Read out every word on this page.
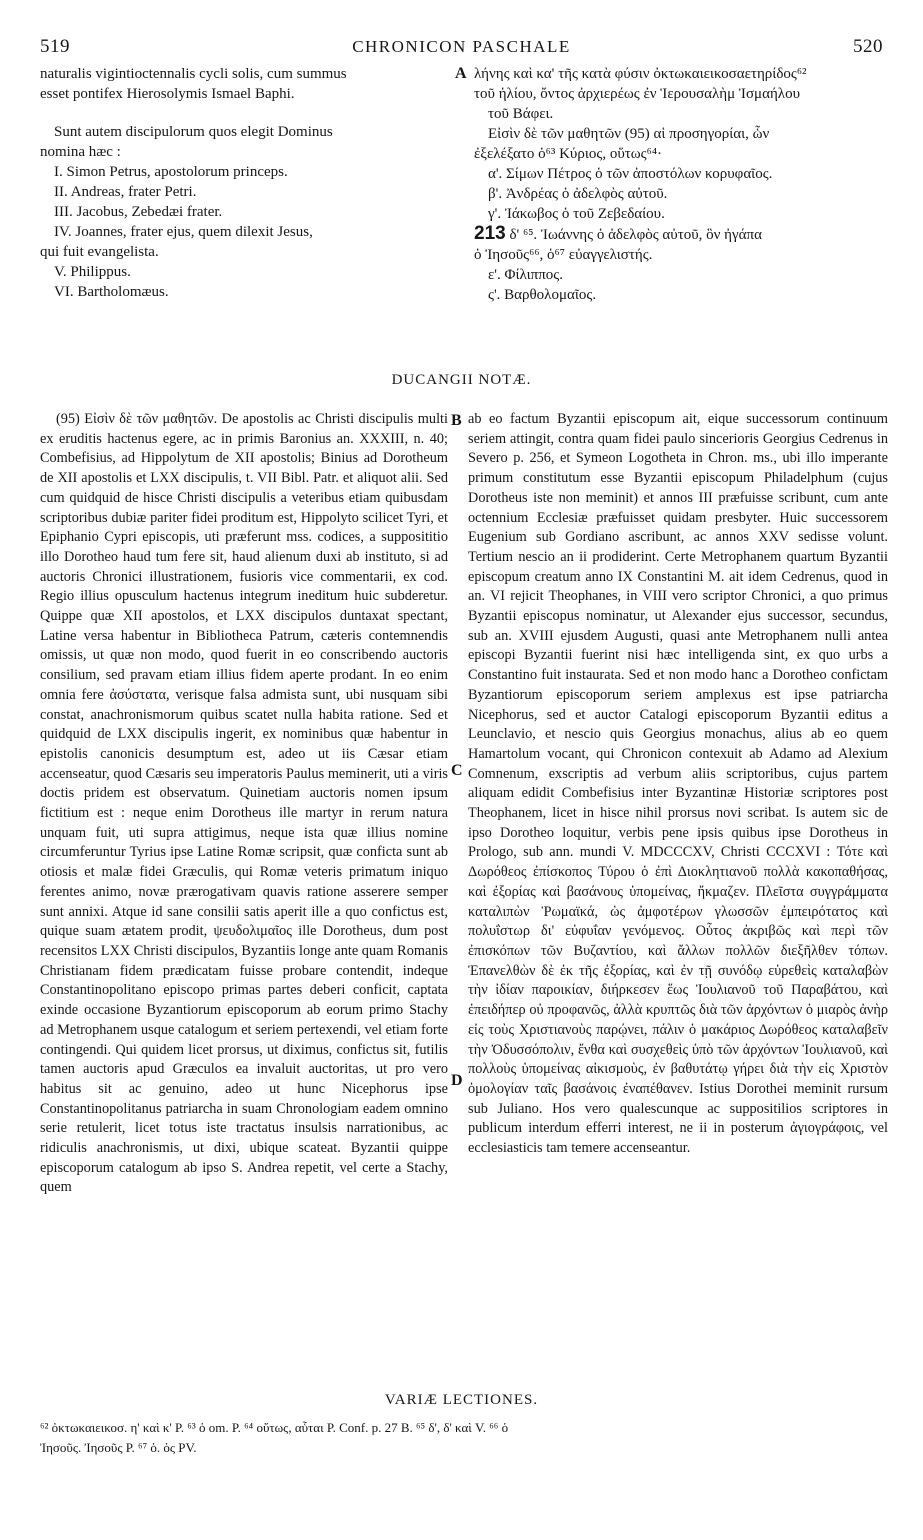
519	CHRONICON PASCHALE	520
naturalis vigintioctennalis cycli solis, cum summus
esset pontifex Hierosolymis Ismael Baphi.
Sunt autem discipulorum quos elegit Dominus
nomina hæc :
I. Simon Petrus, apostolorum princeps.
II. Andreas, frater Petri.
III. Jacobus, Zebedæi frater.
IV. Joannes, frater ejus, quem dilexit Jesus,
qui fuit evangelista.
V. Philippus.
VI. Bartholomæus.
A λήνης καὶ κα' τῆς κατὰ φύσιν ὀκτωκαιεικοσαετηρίδος⁶²
τοῦ ἡλίου, ὄντος ἀρχιερέως ἐν Ἱερουσαλὴμ Ἰσμαήλου
τοῦ Βάφει.
Εἰσὶν δὲ τῶν μαθητῶν (95) αἱ προσηγορίαι, ὧν
ἐξελέξατο ὁ⁶³ Κύριος, οὕτως⁶⁴·
α'. Σίμων Πέτρος ὁ τῶν ἀποστόλων κορυφαῖος.
β'. Ἀνδρέας ὁ ἀδελφὸς αὐτοῦ.
γ'. Ἰάκωβος ὁ τοῦ Ζεβεδαίου.
213 δ' ⁶⁵. Ἰωάννης ὁ ἀδελφὸς αὐτοῦ, ὃν ἠγάπα
ὁ Ἰησοῦς⁶⁶, ὁ⁶⁷ εὐαγγελιστής.
ε'. Φίλιππος.
ς'. Βαρθολομαῖος.
DUCANGII NOTÆ.

(95) Εἰσὶν δὲ τῶν μαθητῶν. De apostolis ac Christi discipulis multi ex eruditis hactenus egere, ac in primis Baronius an. XXXIII, n. 40; Combefisius, ad Hippolytum de XII apostolis; Binius ad Dorotheum de XII apostolis et LXX discipulis, t. VII Bibl. Patr. et aliquot alii. Sed cum quidquid de hisce Christi discipulis a veteribus etiam quibusdam scriptoribus dubiæ pariter fidei proditum est, Hippolyto scilicet Tyri, et Epiphanio Cypri episcopis, uti præferunt mss. codices, a supposititio illo Dorotheo haud tum fere sit, haud alienum duxi ab instituto, si ad auctoris Chronici illustrationem, fusioris vice commentarii, ex cod. Regio illius opusculum hactenus integrum ineditum huic subderetur. Quippe quæ XII apostolos, et LXX discipulos duntaxat spectant, Latine versa habentur in Bibliotheca Patrum, cæteris contemnendis omissis, ut quæ non modo, quod fuerit in eo conscribendo auctoris consilium, sed pravam etiam illius fidem aperte prodant. In eo enim omnia fere ἀσύστατα, verisque falsa admista sunt, ubi nusquam sibi constat, anachronismorum quibus scatet nulla habita ratione. Sed et quidquid de LXX discipulis ingerit, ex nominibus quæ habentur in epistolis canonicis desumptum est, adeo ut iis Cæsar etiam accenseatur, quod Cæsaris seu imperatoris Paulus meminerit, uti a viris doctis pridem est observatum. Quinetiam auctoris nomen ipsum fictitium est : neque enim Dorotheus ille martyr in rerum natura unquam fuit, uti supra attigimus, neque ista quæ illius nomine circumferuntur Tyrius ipse Latine Romæ scripsit, quæ conficta sunt ab otiosis et malæ fidei Græculis, qui Romæ veteris primatum iniquo ferentes animo, novæ prærogativam quavis ratione asserere semper sunt annixi. Atque id sane consilii satis aperit ille a quo confictus est, quique suam ætatem prodit, ψευδολιμαῖος ille Dorotheus, dum post recensitos LXX Christi discipulos, Byzantiis longe ante quam Romanis Christianam fidem prædicatam fuisse probare contendit, indeque Constantinopolitano episcopo primas partes deberi conficit, captata exinde occasione Byzantiorum episcoporum ab eorum primo Stachy ad Metrophanem usque catalogum et seriem pertexendi, vel etiam forte contingendi. Qui quidem licet prorsus, ut diximus, confictus sit, futilis tamen auctoris apud Græculos ea invaluit auctoritas, ut pro vero habitus sit ac genuino, adeo ut hunc Nicephorus ipse Constantinopolitanus patriarcha in suam Chronologiam eadem omnino serie retulerit, licet totus iste tractatus insulsis narrationibus, ac ridiculis anachronismis, ut dixi, ubique scateat. Byzantii quippe episcoporum catalogum ab ipso S. Andrea repetit, vel certe a Stachy, quem

B
C
D

ab eo factum Byzantii episcopum ait, eique successorum continuum seriem attingit, contra quam fidei paulo sincerioris Georgius Cedrenus in Severo p. 256, et Symeon Logotheta in Chron. ms., ubi illo imperante primum constitutum esse Byzantii episcopum Philadelphum (cujus Dorotheus iste non meminit) et annos III præfuisse scribunt, cum ante octennium Ecclesiæ præfuisset quidam presbyter. Huic successorem Eugenium sub Gordiano ascribunt, ac annos XXV sedisse volunt. Tertium nescio an ii prodiderint. Certe Metrophanem quartum Byzantii episcopum creatum anno IX Constantini M. ait idem Cedrenus, quod in an. VI rejicit Theophanes, in VIII vero scriptor Chronici, a quo primus Byzantii episcopus nominatur, ut Alexander ejus successor, secundus, sub an. XVIII ejusdem Augusti, quasi ante Metrophanem nulli antea episcopi Byzantii fuerint nisi hæc intelligenda sint, ex quo urbs a Constantino fuit instaurata. Sed et non modo hanc a Dorotheo confictam Byzantiorum episcoporum seriem amplexus est ipse patriarcha Nicephorus, sed et auctor Catalogi episcoporum Byzantii editus a Leunclavio, et nescio quis Georgius monachus, alius ab eo quem Hamartolum vocant, qui Chronicon contexuit ab Adamo ad Alexium Comnenum, exscriptis ad verbum aliis scriptoribus, cujus partem aliquam edidit Combefisius inter Byzantinæ Historiæ scriptores post Theophanem, licet in hisce nihil prorsus novi scribat. Is autem sic de ipso Dorotheo loquitur, verbis pene ipsis quibus ipse Dorotheus in Prologo, sub ann. mundi V. MDCCCXV, Christi CCCXVI : Τότε καὶ Δωρόθεος ἐπίσκοπος Τύρου ὁ ἐπὶ Διοκλητιανοῦ πολλὰ κακοπαθήσας, καὶ ἐξορίας καὶ βασάνους ὑπομείνας, ἤκμαζεν. Πλεῖστα συγγράμματα καταλιπὼν Ῥωμαϊκά, ὡς ἀμφοτέρων γλωσσῶν ἐμπειρότατος καὶ πολυΐστωρ δι' εὐφυΐαν γενόμενος. Οὗτος ἀκριβῶς καὶ περὶ τῶν ἐπισκόπων τῶν Βυζαντίου, καὶ ἄλλων πολλῶν διεξῆλθεν τόπων. Ἐπανελθὼν δὲ ἐκ τῆς ἐξορίας, καὶ ἐν τῇ συνόδῳ εὑρεθεὶς καταλαβὼν τὴν ἰδίαν παροικίαν, διήρκεσεν ἕως Ἰουλιανοῦ τοῦ Παραβάτου, καὶ ἐπειδήπερ οὐ προφανῶς, ἀλλὰ κρυπτῶς διὰ τῶν ἀρχόντων ὁ μιαρὸς ἀνὴρ εἰς τοὺς Χριστιανοὺς παρῴνει, πάλιν ὁ μακάριος Δωρόθεος καταλαβεῖν τὴν Ὀδυσσόπολιν, ἔνθα καὶ συσχεθεὶς ὑπὸ τῶν ἀρχόντων Ἰουλιανοῦ, καὶ πολλοὺς ὑπομείνας αἰκισμοὺς, ἐν βαθυτάτῳ γήρει διὰ τὴν εἰς Χριστὸν ὁμολογίαν ταῖς βασάνοις ἐναπέθανεν. Istius Dorothei meminit rursum sub Juliano. Hos vero qualescunque ac suppositilios scriptores in publicum interdum efferri interest, ne ii in posterum ἀγιογράφοις, vel ecclesiasticis tam temere accenseantur.

VARIÆ LECTIONES.
⁶² ὀκτωκαιεικοσ. η' καὶ κ' P. ⁶³ ὁ om. P. ⁶⁴ οὕτως, αὗται P. Conf. p. 27 B. ⁶⁵ δ', δ' καὶ V. ⁶⁶ ὁ
Ἰησοῦς. Ἰησοῦς P. ⁶⁷ ὁ. ὁς PV.
